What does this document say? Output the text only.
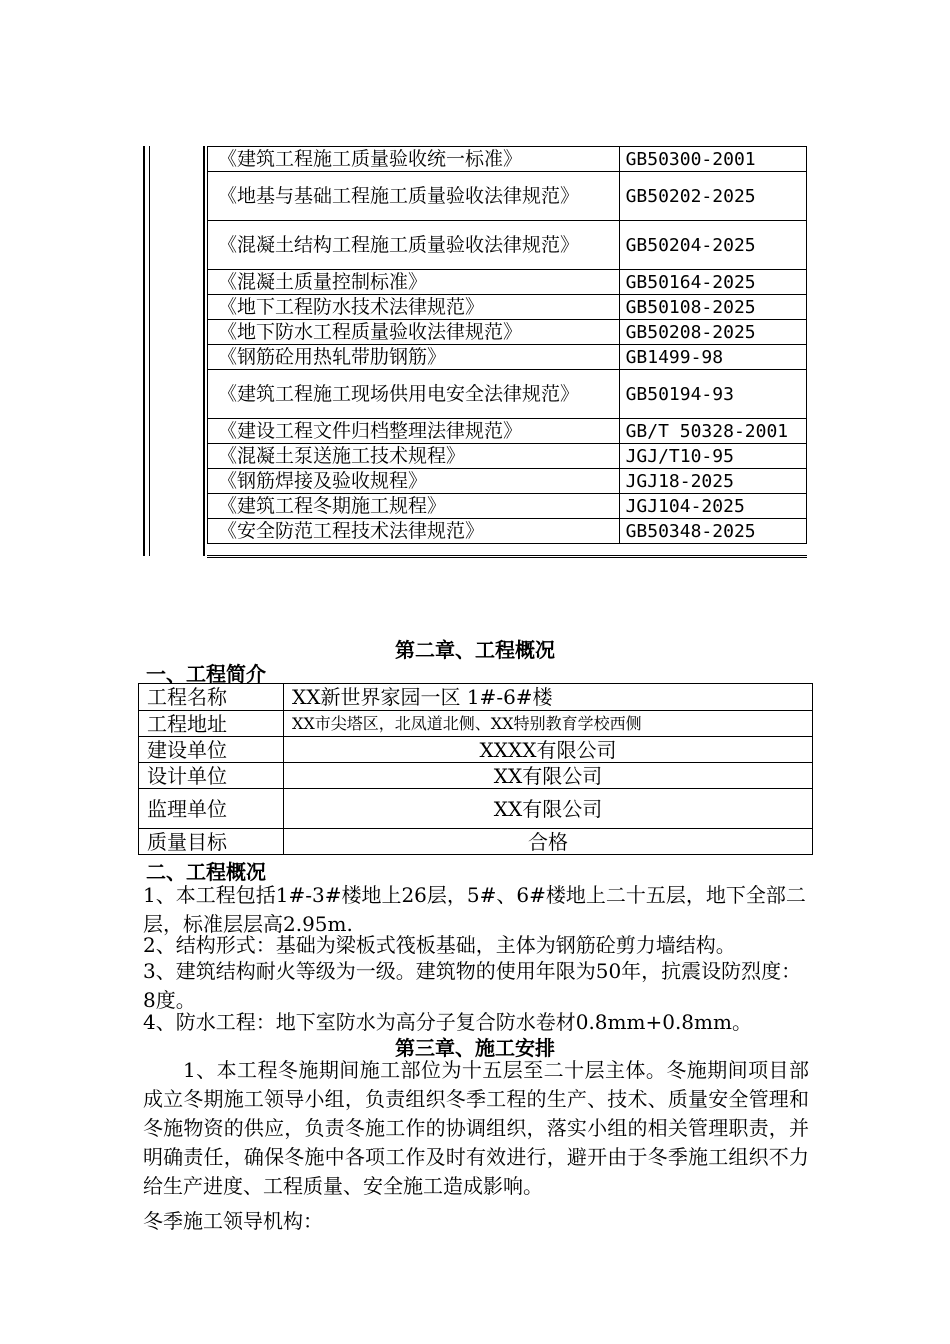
《建筑工程施工质量验收统一标准》	GB50300-2001
《地基与基础工程施工质量验收法律规范》	GB50202-2025
《混凝土结构工程施工质量验收法律规范》	GB50204-2025
《混凝土质量控制标准》	GB50164-2025
《地下工程防水技术法律规范》	GB50108-2025
《地下防水工程质量验收法律规范》	GB50208-2025
《钢筋砼用热轧带肋钢筋》	GB1499-98
《建筑工程施工现场供用电安全法律规范》	GB50194-93
《建设工程文件归档整理法律规范》	GB/T 50328-2001
《混凝土泵送施工技术规程》	JGJ/T10-95
《钢筋焊接及验收规程》	JGJ18-2025
《建筑工程冬期施工规程》	JGJ104-2025
《安全防范工程技术法律规范》	GB50348-2025
第二章、工程概况
一、工程简介
工程名称	XX新世界家园一区 1#-6#楼
工程地址	XX市尖塔区，北凤道北侧、XX特别教育学校西侧
建设单位	XXXX有限公司
设计单位	XX有限公司
监理单位	XX有限公司
质量目标	合格
二、工程概况
1、本工程包括1#-3#楼地上26层，5#、6#楼地上二十五层，地下全部二层，标准层层高2.95m.
2、结构形式：基础为梁板式筏板基础，主体为钢筋砼剪力墙结构。
3、建筑结构耐火等级为一级。建筑物的使用年限为50年，抗震设防烈度：8度。
4、防水工程：地下室防水为高分子复合防水卷材0.8mm+0.8mm。
第三章、施工安排
1、本工程冬施期间施工部位为十五层至二十层主体。冬施期间项目部成立冬期施工领导小组，负责组织冬季工程的生产、技术、质量安全管理和冬施物资的供应，负责冬施工作的协调组织，落实小组的相关管理职责，并明确责任，确保冬施中各项工作及时有效进行，避开由于冬季施工组织不力给生产进度、工程质量、安全施工造成影响。
冬季施工领导机构：
